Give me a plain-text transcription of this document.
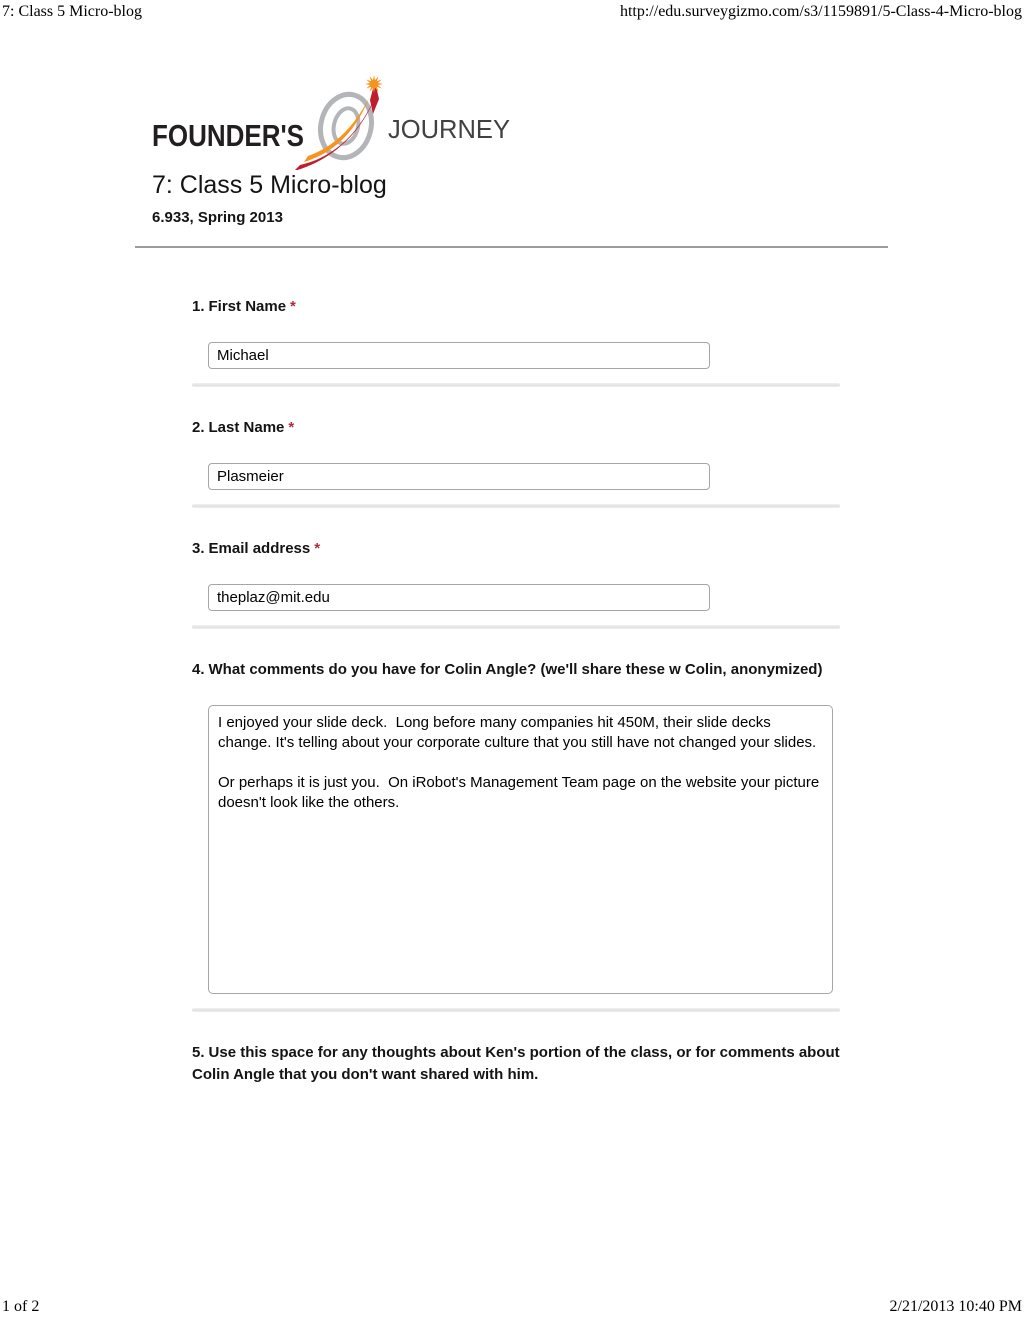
7: Class 5 Micro-blog	http://edu.surveygizmo.com/s3/1159891/5-Class-4-Micro-blog
FOUNDER'S	JOURNEY
7: Class 5 Micro-blog
6.933, Spring 2013

1. First Name *

Michael

2. Last Name *

Plasmeier

3. Email address *

theplaz@mit.edu

4. What comments do you have for Colin Angle? (we'll share these w Colin, anonymized)

I enjoyed your slide deck. Long before many companies hit 450M, their slide decks change. It's telling about your corporate culture that you still have not changed your slides. Or perhaps it is just you. On iRobot's Management Team page on the website your picture doesn't look like the others.

5. Use this space for any thoughts about Ken's portion of the class, or for comments about Colin Angle that you don't want shared with him.

1 of 2	2/21/2013 10:40 PM
